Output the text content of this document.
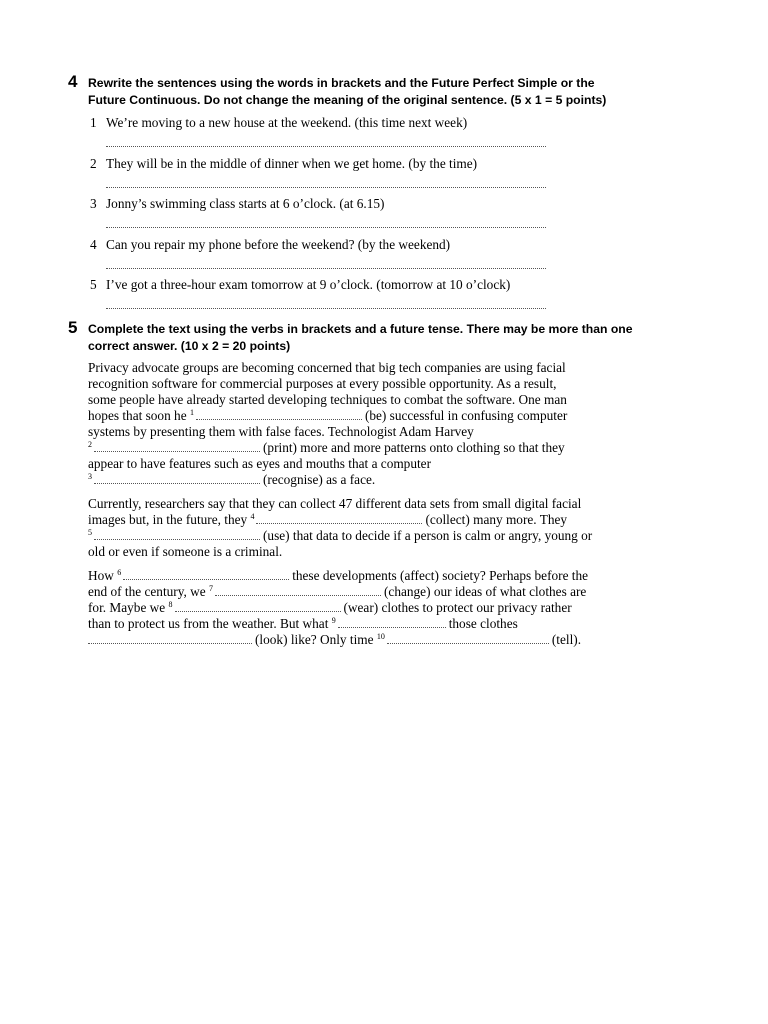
4 Rewrite the sentences using the words in brackets and the Future Perfect Simple or the
Future Continuous. Do not change the meaning of the original sentence. (5 x 1 = 5 points)
1 We’re moving to a new house at the weekend. (this time next week)
2 They will be in the middle of dinner when we get home. (by the time)
3 Jonny’s swimming class starts at 6 o’clock. (at 6.15)
4 Can you repair my phone before the weekend? (by the weekend)
5 I’ve got a three-hour exam tomorrow at 9 o’clock. (tomorrow at 10 o’clock)
5 Complete the text using the verbs in brackets and a future tense. There may be more than one
correct answer. (10 x 2 = 20 points)
Privacy advocate groups are becoming concerned that big tech companies are using facial
recognition software for commercial purposes at every possible opportunity. As a result,
some people have already started developing techniques to combat the software. One man
hopes that soon he $^1$	(be) successful in confusing computer
systems by presenting them with false faces. Technologist Adam Harvey
$^2$	(print) more and more patterns onto clothing so that they
appear to have features such as eyes and mouths that a computer
$^3$	(recognise) as a face.
Currently, researchers say that they can collect 47 different data sets from small digital facial
images but, in the future, they $^4$	(collect) many more. They
$^5$	(use) that data to decide if a person is calm or angry, young or
old or even if someone is a criminal.
How $^6$	these developments (affect) society? Perhaps before the
end of the century, we $^7$	(change) our ideas of what clothes are
for. Maybe we $^8$	(wear) clothes to protect our privacy rather
than to protect us from the weather. But what $^9$	those clothes
(look) like? Only time $^{10}$	(tell).
